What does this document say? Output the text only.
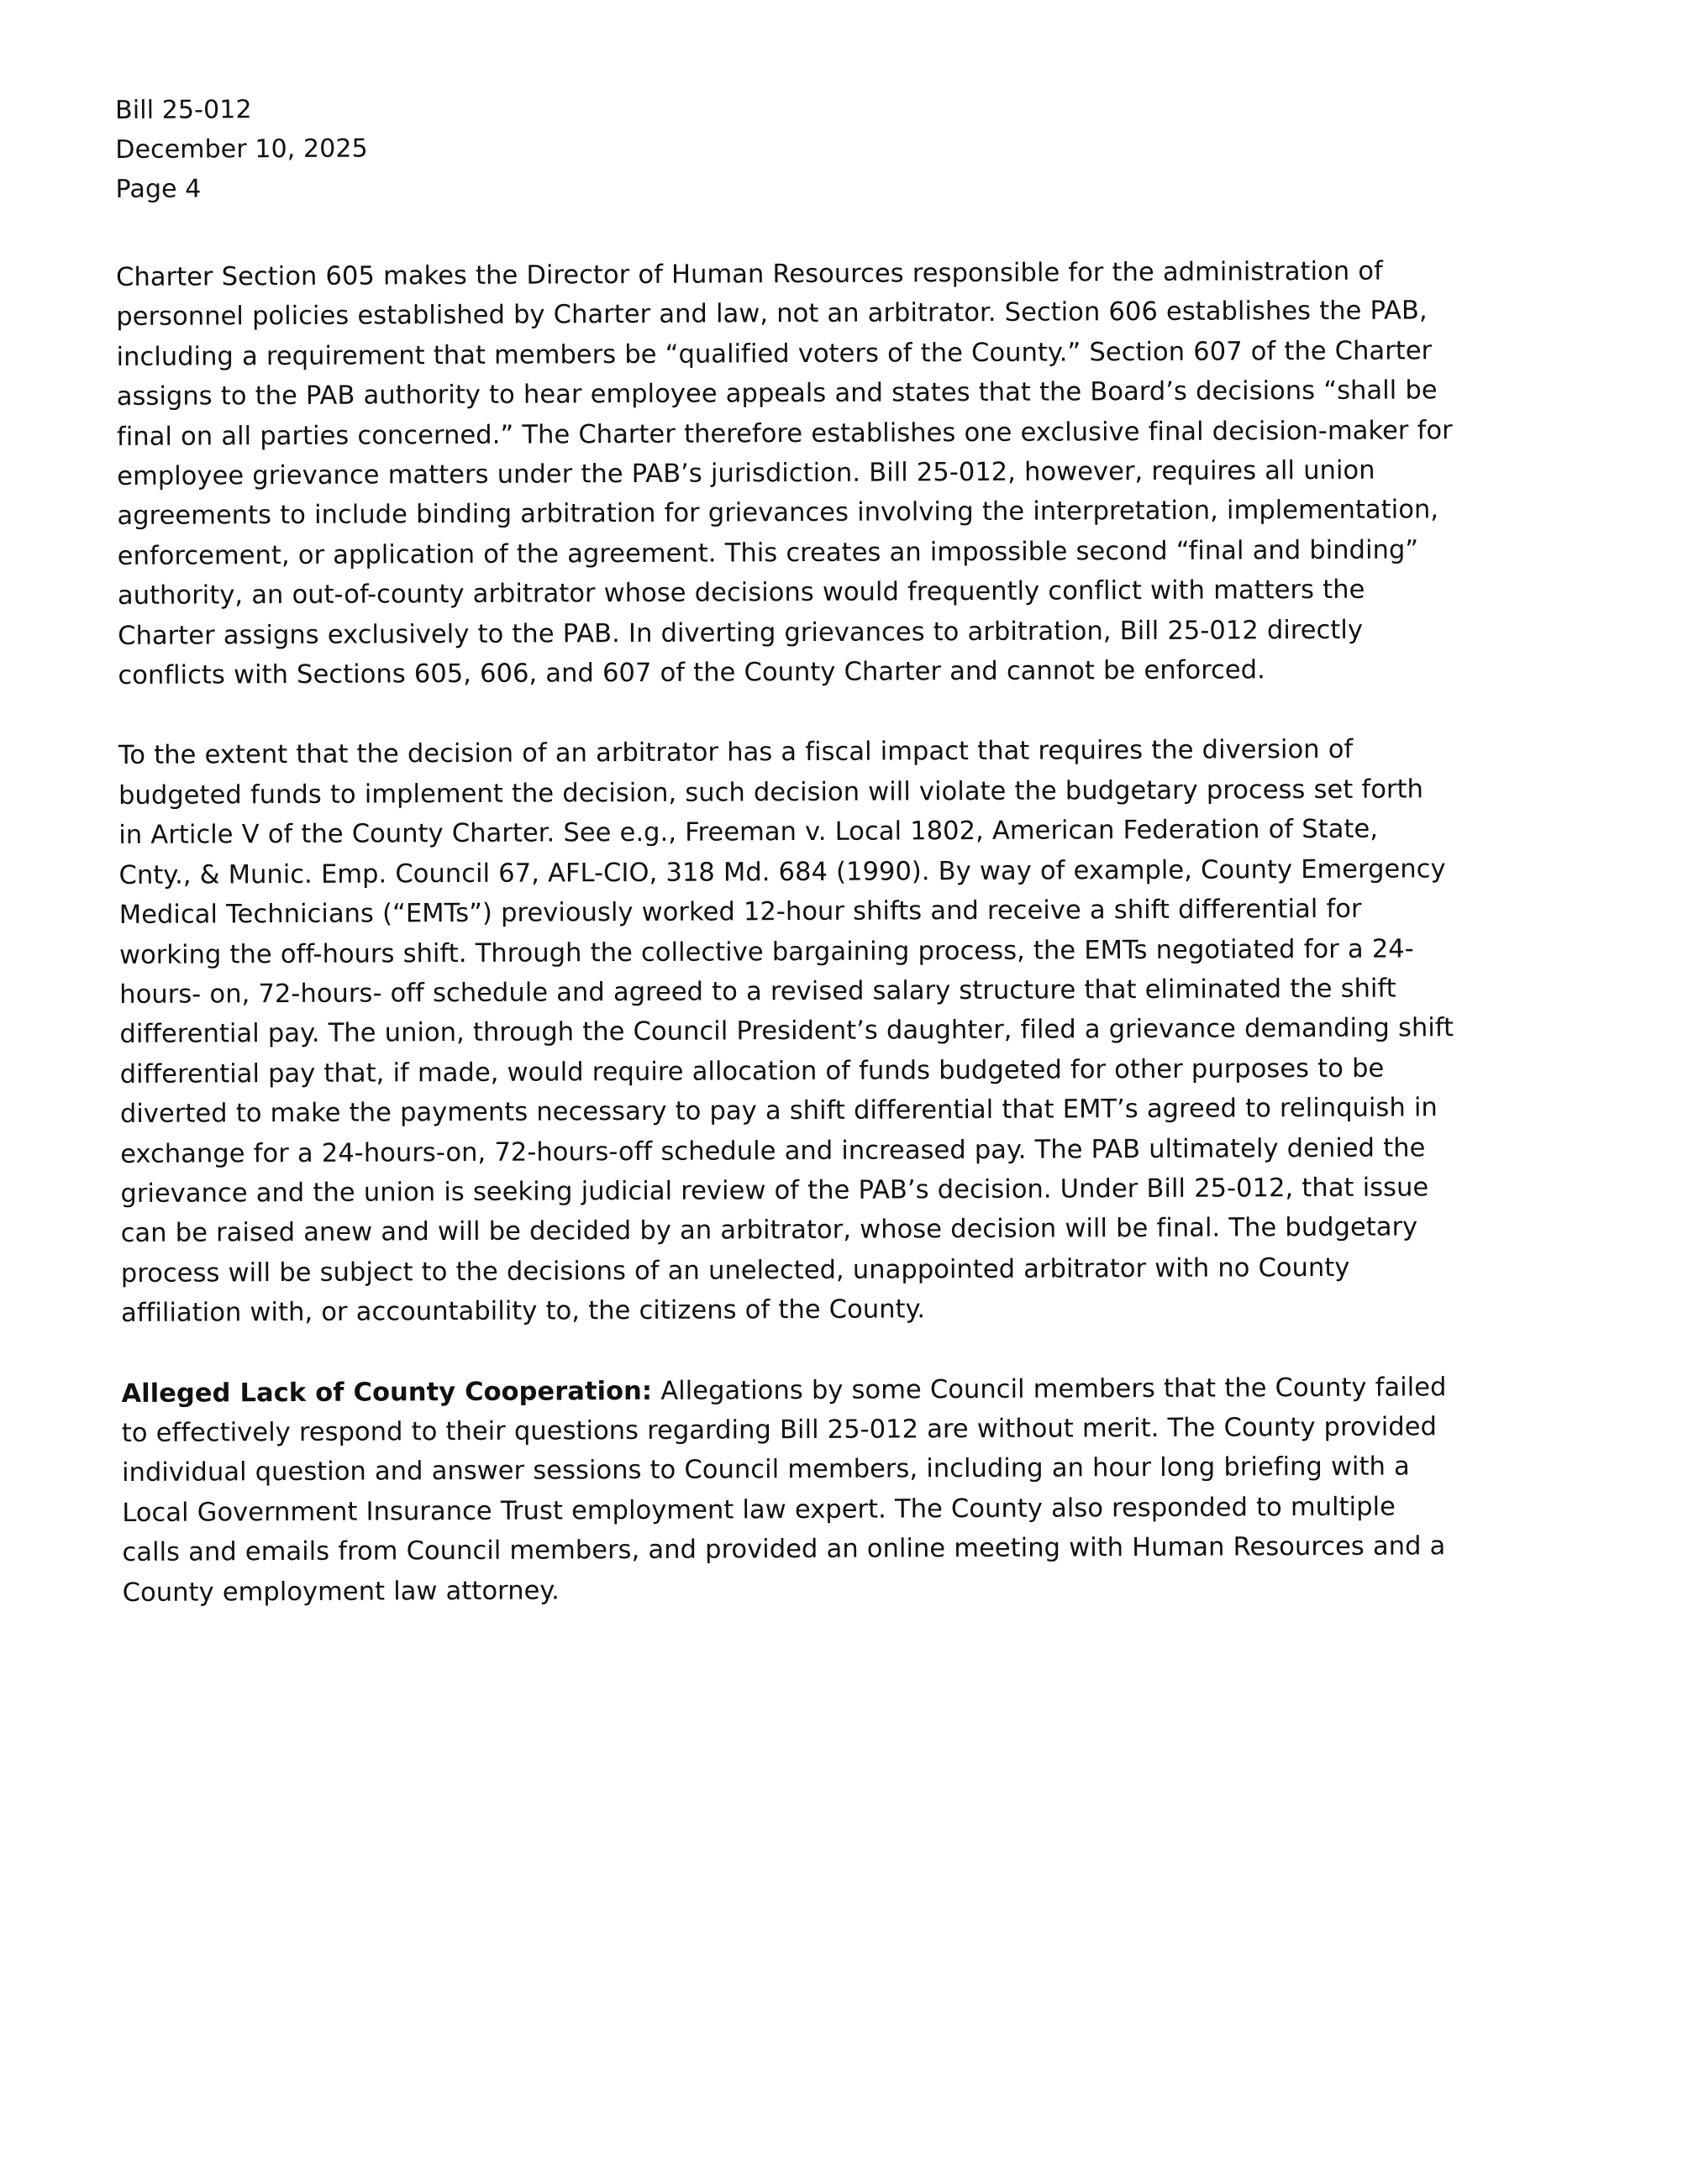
Bill 25-012
December 10, 2025
Page 4

Charter Section 605 makes the Director of Human Resources responsible for the administration of personnel policies established by Charter and law, not an arbitrator. Section 606 establishes the PAB, including a requirement that members be “qualified voters of the County.” Section 607 of the Charter assigns to the PAB authority to hear employee appeals and states that the Board’s decisions “shall be final on all parties concerned.” The Charter therefore establishes one exclusive final decision-maker for employee grievance matters under the PAB’s jurisdiction. Bill 25-012, however, requires all union agreements to include binding arbitration for grievances involving the interpretation, implementation, enforcement, or application of the agreement. This creates an impossible second “final and binding” authority, an out-of-county arbitrator whose decisions would frequently conflict with matters the Charter assigns exclusively to the PAB. In diverting grievances to arbitration, Bill 25-012 directly conflicts with Sections 605, 606, and 607 of the County Charter and cannot be enforced.

To the extent that the decision of an arbitrator has a fiscal impact that requires the diversion of budgeted funds to implement the decision, such decision will violate the budgetary process set forth in Article V of the County Charter. See e.g., Freeman v. Local 1802, American Federation of State, Cnty., & Munic. Emp. Council 67, AFL-CIO, 318 Md. 684 (1990). By way of example, County Emergency Medical Technicians (“EMTs”) previously worked 12-hour shifts and receive a shift differential for working the off-hours shift. Through the collective bargaining process, the EMTs negotiated for a 24-hours- on, 72-hours- off schedule and agreed to a revised salary structure that eliminated the shift differential pay. The union, through the Council President’s daughter, filed a grievance demanding shift differential pay that, if made, would require allocation of funds budgeted for other purposes to be diverted to make the payments necessary to pay a shift differential that EMT’s agreed to relinquish in exchange for a 24-hours-on, 72-hours-off schedule and increased pay. The PAB ultimately denied the grievance and the union is seeking judicial review of the PAB’s decision. Under Bill 25-012, that issue can be raised anew and will be decided by an arbitrator, whose decision will be final. The budgetary process will be subject to the decisions of an unelected, unappointed arbitrator with no County affiliation with, or accountability to, the citizens of the County.

Alleged Lack of County Cooperation: Allegations by some Council members that the County failed to effectively respond to their questions regarding Bill 25-012 are without merit. The County provided individual question and answer sessions to Council members, including an hour long briefing with a Local Government Insurance Trust employment law expert. The County also responded to multiple calls and emails from Council members, and provided an online meeting with Human Resources and a County employment law attorney.
